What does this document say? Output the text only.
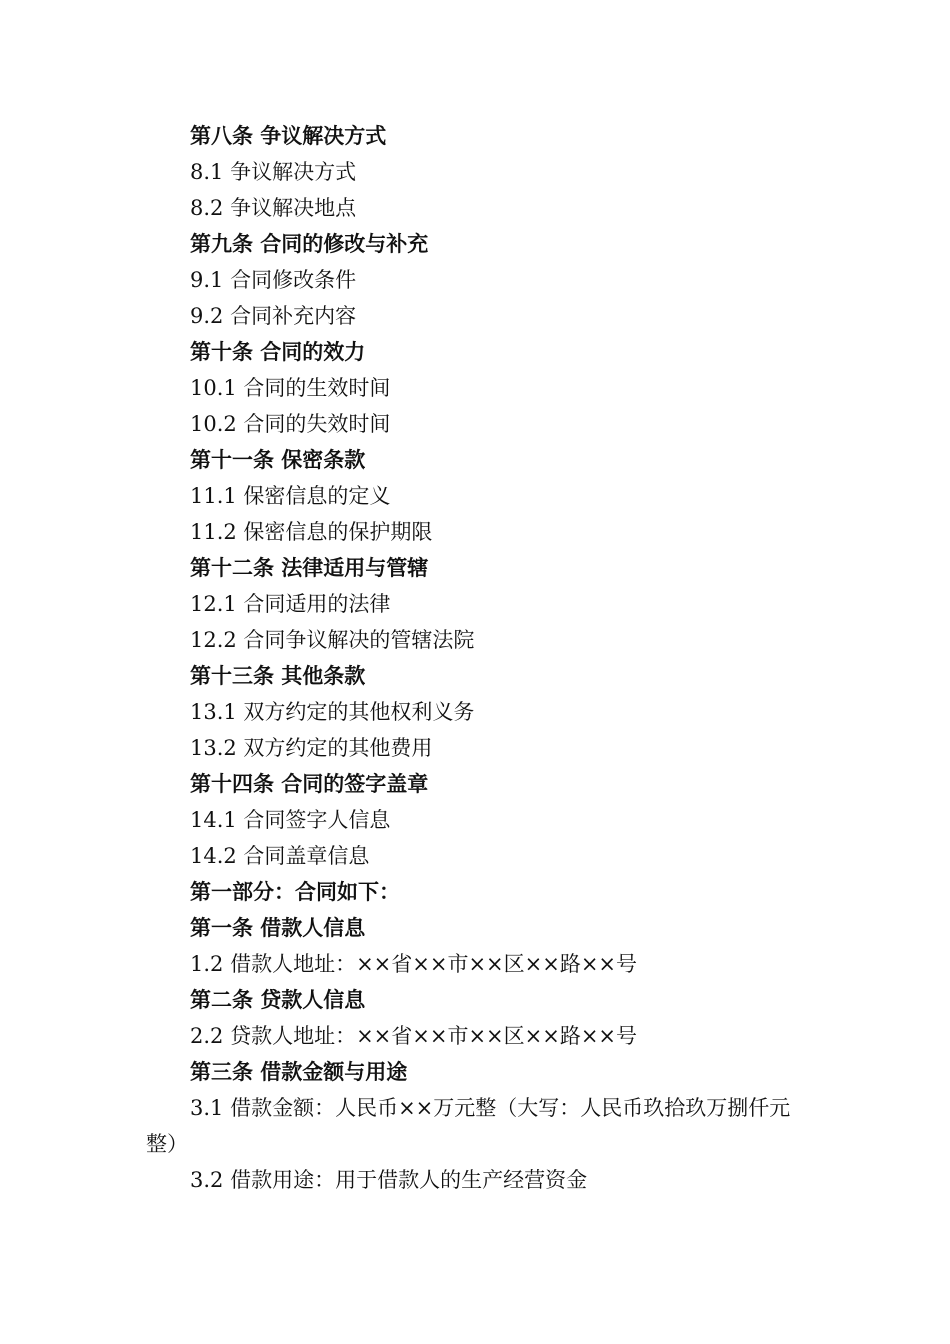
第八条 争议解决方式
8.1 争议解决方式
8.2 争议解决地点
第九条 合同的修改与补充
9.1 合同修改条件
9.2 合同补充内容
第十条 合同的效力
10.1 合同的生效时间
10.2 合同的失效时间
第十一条 保密条款
11.1 保密信息的定义
11.2 保密信息的保护期限
第十二条 法律适用与管辖
12.1 合同适用的法律
12.2 合同争议解决的管辖法院
第十三条 其他条款
13.1 双方约定的其他权利义务
13.2 双方约定的其他费用
第十四条 合同的签字盖章
14.1 合同签字人信息
14.2 合同盖章信息
第一部分：合同如下：
第一条 借款人信息
1.2 借款人地址：××省××市××区××路××号
第二条 贷款人信息
2.2 贷款人地址：××省××市××区××路××号
第三条 借款金额与用途
3.1 借款金额：人民币××万元整（大写：人民币玖拾玖万捌仟元整）
3.2 借款用途：用于借款人的生产经营资金
